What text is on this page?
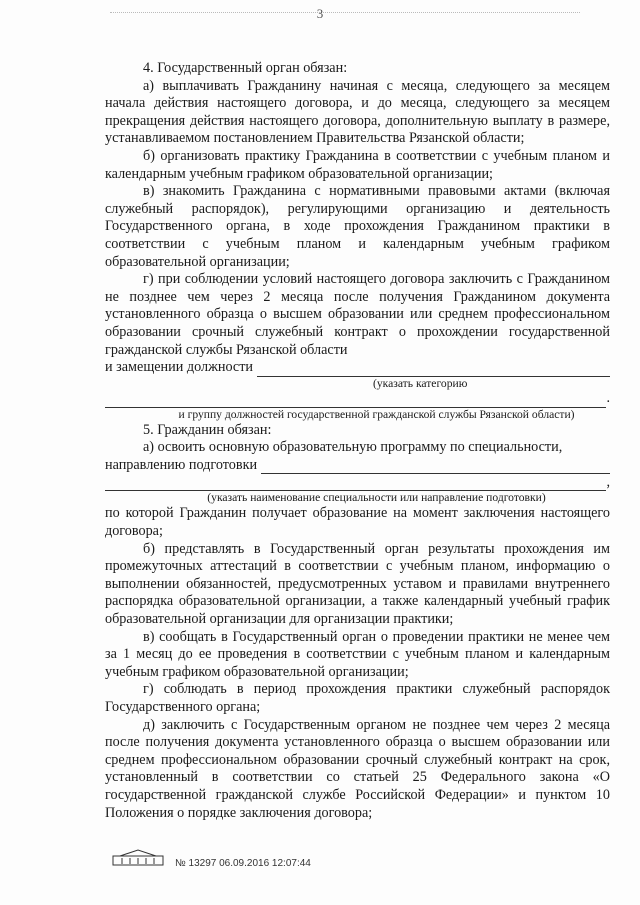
3

4. Государственный орган обязан:

а) выплачивать Гражданину начиная с месяца, следующего за месяцем начала действия настоящего договора, и до месяца, следующего за месяцем прекращения действия настоящего договора, дополнительную выплату в размере, устанавливаемом постановлением Правительства Рязанской области;

б) организовать практику Гражданина в соответствии с учебным планом и календарным учебным графиком образовательной организации;

в) знакомить Гражданина с нормативными правовыми актами (включая служебный распорядок), регулирующими организацию и деятельность Государственного органа, в ходе прохождения Гражданином практики в соответствии с учебным планом и календарным учебным графиком образовательной организации;

г) при соблюдении условий настоящего договора заключить с Гражданином не позднее чем через 2 месяца после получения Гражданином документа установленного образца о высшем образовании или среднем профессиональном образовании срочный служебный контракт о прохождении государственной гражданской службы Рязанской области

и замещении должности

(указать категорию

.

и группу должностей государственной гражданской службы Рязанской области)

5. Гражданин обязан:

а) освоить основную образовательную программу по специальности,

направлению подготовки
,

(указать наименование специальности или направление подготовки)

по которой Гражданин получает образование на момент заключения настоящего договора;

б) представлять в Государственный орган результаты прохождения им промежуточных аттестаций в соответствии с учебным планом, информацию о выполнении обязанностей, предусмотренных уставом и правилами внутреннего распорядка образовательной организации, а также календарный учебный график образовательной организации для организации практики;

в) сообщать в Государственный орган о проведении практики не менее чем за 1 месяц до ее проведения в соответствии с учебным планом и календарным учебным графиком образовательной организации;

г) соблюдать в период прохождения практики служебный распорядок Государственного органа;

д) заключить с Государственным органом не позднее чем через 2 месяца после получения документа установленного образца о высшем образовании или среднем профессиональном образовании срочный служебный контракт на срок, установленный в соответствии со статьей 25 Федерального закона «О государственной гражданской службе Российской Федерации» и пунктом 10 Положения о порядке заключения договора;

№ 13297 06.09.2016 12:07:44
